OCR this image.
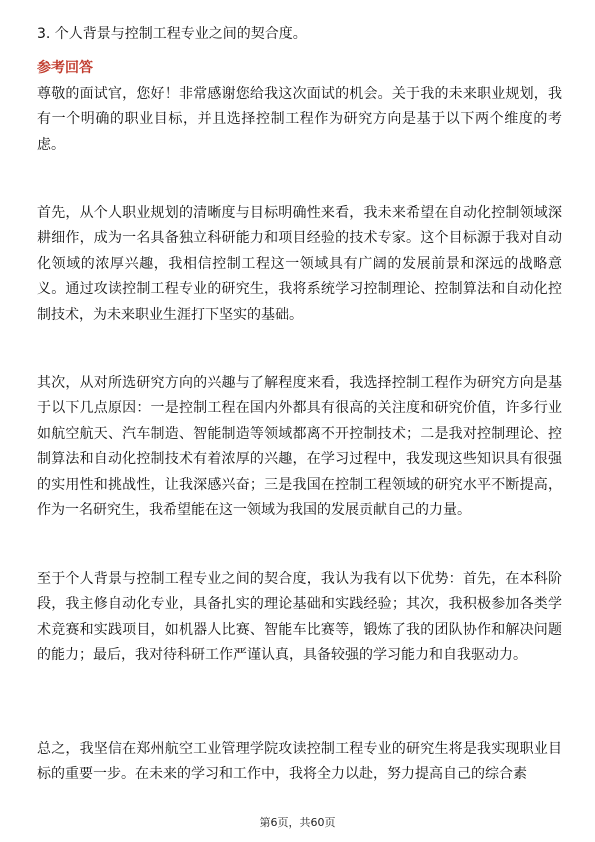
3. 个人背景与控制工程专业之间的契合度。
参考回答
尊敬的面试官，您好！非常感谢您给我这次面试的机会。关于我的未来职业规划，我有一个明确的职业目标，并且选择控制工程作为研究方向是基于以下两个维度的考虑。
首先，从个人职业规划的清晰度与目标明确性来看，我未来希望在自动化控制领域深耕细作，成为一名具备独立科研能力和项目经验的技术专家。这个目标源于我对自动化领域的浓厚兴趣，我相信控制工程这一领域具有广阔的发展前景和深远的战略意义。通过攻读控制工程专业的研究生，我将系统学习控制理论、控制算法和自动化控制技术，为未来职业生涯打下坚实的基础。
其次，从对所选研究方向的兴趣与了解程度来看，我选择控制工程作为研究方向是基于以下几点原因：一是控制工程在国内外都具有很高的关注度和研究价值，许多行业如航空航天、汽车制造、智能制造等领域都离不开控制技术；二是我对控制理论、控制算法和自动化控制技术有着浓厚的兴趣，在学习过程中，我发现这些知识具有很强的实用性和挑战性，让我深感兴奋；三是我国在控制工程领域的研究水平不断提高，作为一名研究生，我希望能在这一领域为我国的发展贡献自己的力量。
至于个人背景与控制工程专业之间的契合度，我认为我有以下优势：首先，在本科阶段，我主修自动化专业，具备扎实的理论基础和实践经验；其次，我积极参加各类学术竞赛和实践项目，如机器人比赛、智能车比赛等，锻炼了我的团队协作和解决问题的能力；最后，我对待科研工作严谨认真，具备较强的学习能力和自我驱动力。
总之，我坚信在郑州航空工业管理学院攻读控制工程专业的研究生将是我实现职业目标的重要一步。在未来的学习和工作中，我将全力以赴，努力提高自己的综合素
第6页，共60页
